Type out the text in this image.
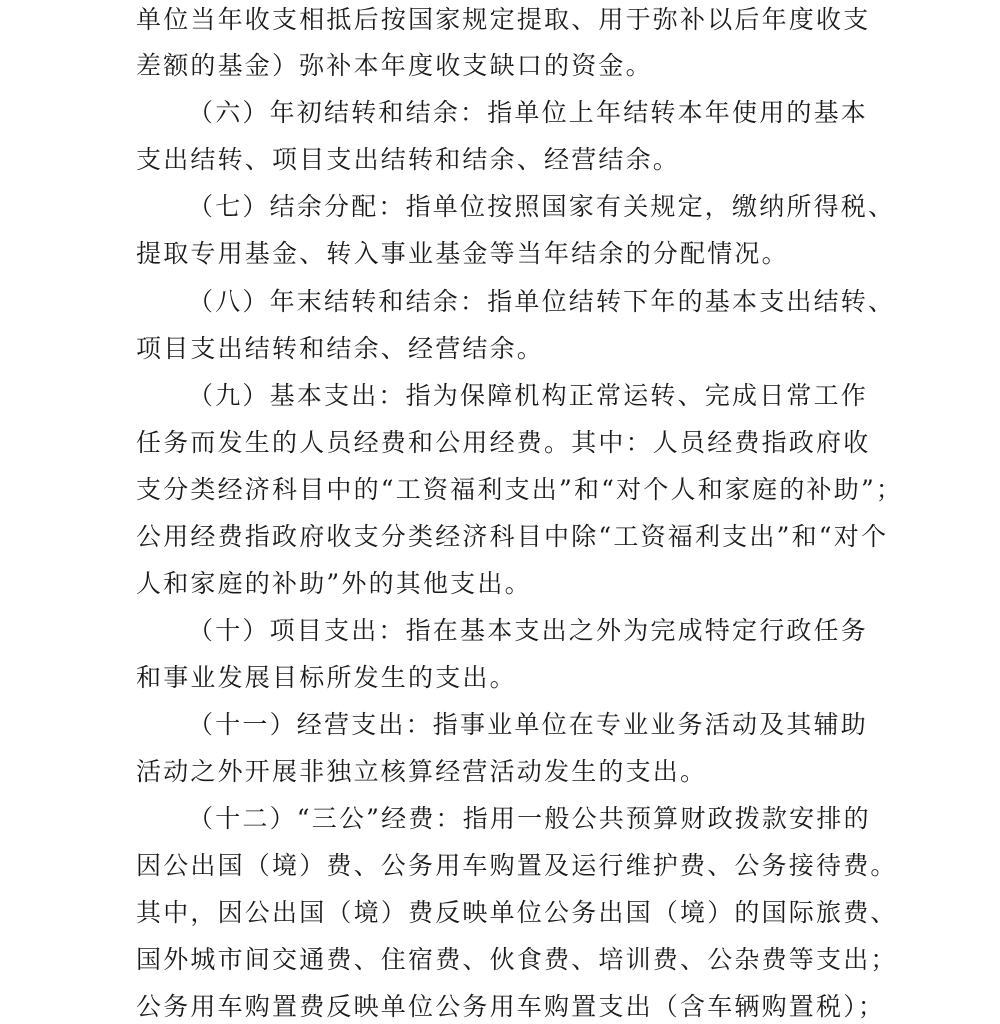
单位当年收支相抵后按国家规定提取、用于弥补以后年度收支
差额的基金）弥补本年度收支缺口的资金。
（六）年初结转和结余：指单位上年结转本年使用的基本
支出结转、项目支出结转和结余、经营结余。
（七）结余分配：指单位按照国家有关规定，缴纳所得税、
提取专用基金、转入事业基金等当年结余的分配情况。
（八）年末结转和结余：指单位结转下年的基本支出结转、
项目支出结转和结余、经营结余。
（九）基本支出：指为保障机构正常运转、完成日常工作
任务而发生的人员经费和公用经费。其中：人员经费指政府收
支分类经济科目中的“工资福利支出”和“对个人和家庭的补助”；
公用经费指政府收支分类经济科目中除“工资福利支出”和“对个
人和家庭的补助”外的其他支出。
（十）项目支出：指在基本支出之外为完成特定行政任务
和事业发展目标所发生的支出。
（十一）经营支出：指事业单位在专业业务活动及其辅助
活动之外开展非独立核算经营活动发生的支出。
（十二）“三公”经费：指用一般公共预算财政拨款安排的
因公出国（境）费、公务用车购置及运行维护费、公务接待费。
其中，因公出国（境）费反映单位公务出国（境）的国际旅费、
国外城市间交通费、住宿费、伙食费、培训费、公杂费等支出；
公务用车购置费反映单位公务用车购置支出（含车辆购置税）；
